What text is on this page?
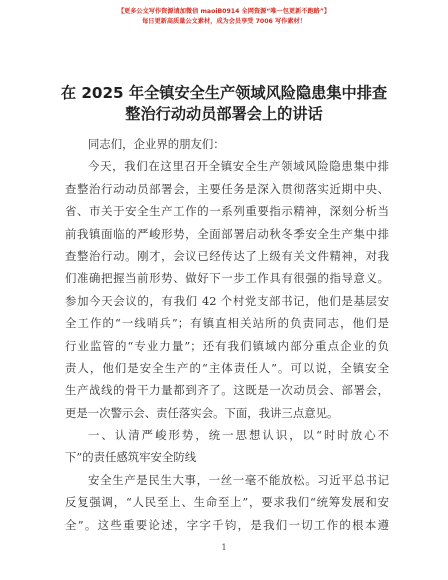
【更多公文写作资源请加微信 maoiB0914 全网资源“唯一包更新不跑路”】
每日更新高质量公文素材，成为会员享受 7006 写作素材！
在 2025 年全镇安全生产领域风险隐患集中排查
整治行动动员部署会上的讲话
同志们，企业界的朋友们：
今天，我们在这里召开全镇安全生产领域风险隐患集中排
查整治行动动员部署会，主要任务是深入贯彻落实近期中央、
省、市关于安全生产工作的一系列重要指示精神，深刻分析当
前我镇面临的严峻形势，全面部署启动秋冬季安全生产集中排
查整治行动。刚才，会议已经传达了上级有关文件精神，对我
们准确把握当前形势、做好下一步工作具有很强的指导意义。
参加今天会议的，有我们 42 个村党支部书记，他们是基层安
全工作的“一线哨兵”；有镇直相关站所的负责同志，他们是
行业监管的“专业力量”；还有我们镇域内部分重点企业的负
责人，他们是安全生产的“主体责任人”。可以说，全镇安全
生产战线的骨干力量都到齐了。这既是一次动员会、部署会，
更是一次警示会、责任落实会。下面，我讲三点意见。
一、认清严峻形势，统一思想认识，以“时时放心不
下”的责任感筑牢安全防线
安全生产是民生大事，一丝一毫不能放松。习近平总书记
反复强调，“人民至上、生命至上”，要求我们“统筹发展和安
全”。这些重要论述，字字千钧，是我们一切工作的根本遵
1
